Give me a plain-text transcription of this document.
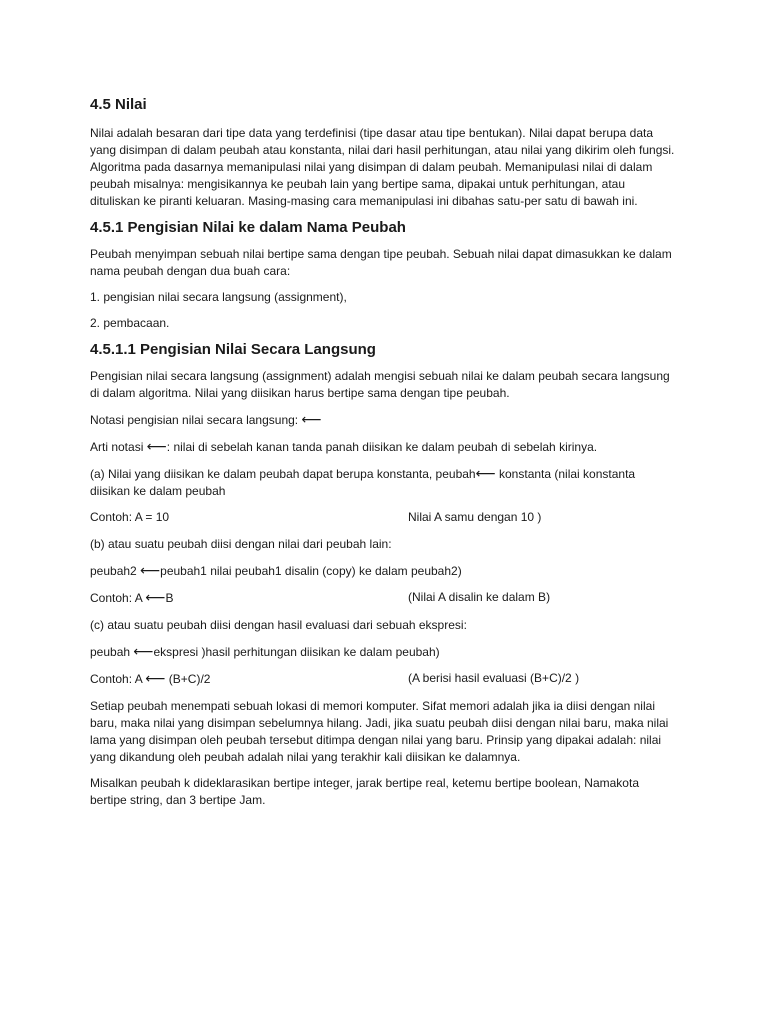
4.5 Nilai

Nilai adalah besaran dari tipe data yang terdefinisi (tipe dasar atau tipe bentukan). Nilai dapat berupa data yang disimpan di dalam peubah atau konstanta, nilai dari hasil perhitungan, atau nilai yang dikirim oleh fungsi. Algoritma pada dasarnya memanipulasi nilai yang disimpan di dalam peubah. Memanipulasi nilai di dalam peubah misalnya: mengisikannya ke peubah lain yang bertipe sama, dipakai untuk perhitungan, atau dituliskan ke piranti keluaran. Masing-masing cara memanipulasi ini dibahas satu-per satu di bawah ini.

4.5.1 Pengisian Nilai ke dalam Nama Peubah

Peubah menyimpan sebuah nilai bertipe sama dengan tipe peubah. Sebuah nilai dapat dimasukkan ke dalam nama peubah dengan dua buah cara:

1. pengisian nilai secara langsung (assignment),

2. pembacaan.

4.5.1.1 Pengisian Nilai Secara Langsung

Pengisian nilai secara langsung (assignment) adalah mengisi sebuah nilai ke dalam peubah secara langsung di dalam algoritma. Nilai yang diisikan harus bertipe sama dengan tipe peubah.

Notasi pengisian nilai secara langsung: ⟵

Arti notasi ⟵: nilai di sebelah kanan tanda panah diisikan ke dalam peubah di sebelah kirinya.

(a) Nilai yang diisikan ke dalam peubah dapat berupa konstanta, peubah⟵ konstanta (nilai konstanta diisikan ke dalam peubah

Contoh: A = 10	Nilai A samu dengan 10 )

(b) atau suatu peubah diisi dengan nilai dari peubah lain:

peubah2 ⟵peubah1 nilai peubah1 disalin (copy) ke dalam peubah2)

Contoh: A ⟵B	(Nilai A disalin ke dalam B)

(c) atau suatu peubah diisi dengan hasil evaluasi dari sebuah ekspresi:

peubah ⟵ekspresi )hasil perhitungan diisikan ke dalam peubah)

Contoh: A ⟵ (B+C)/2	(A berisi hasil evaluasi (B+C)/2 )

Setiap peubah menempati sebuah lokasi di memori komputer. Sifat memori adalah jika ia diisi dengan nilai baru, maka nilai yang disimpan sebelumnya hilang. Jadi, jika suatu peubah diisi dengan nilai baru, maka nilai lama yang disimpan oleh peubah tersebut ditimpa dengan nilai yang baru. Prinsip yang dipakai adalah: nilai yang dikandung oleh peubah adalah nilai yang terakhir kali diisikan ke dalamnya.

Misalkan peubah k dideklarasikan bertipe integer, jarak bertipe real, ketemu bertipe boolean, Namakota bertipe string, dan 3 bertipe Jam.
